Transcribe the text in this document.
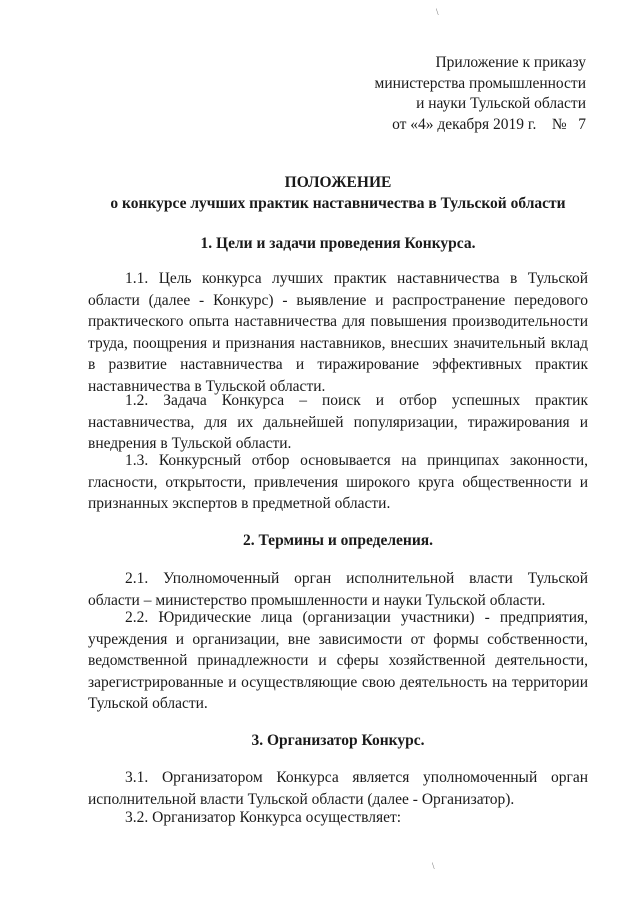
\
\
Приложение к приказу
министерства промышленности
и науки Тульской области
от «4» декабря 2019 г. № 7
ПОЛОЖЕНИЕ
о конкурсе лучших практик наставничества в Тульской области
1. Цели и задачи проведения Конкурса.

1.1. Цель конкурса лучших практик наставничества в Тульской области (далее - Конкурс) - выявление и распространение передового практического опыта наставничества для повышения производительности труда, поощрения и признания наставников, внесших значительный вклад в развитие наставничества и тиражирование эффективных практик наставничества в Тульской области.

1.2. Задача Конкурса – поиск и отбор успешных практик наставничества, для их дальнейшей популяризации, тиражирования и внедрения в Тульской области.

1.3. Конкурсный отбор основывается на принципах законности, гласности, открытости, привлечения широкого круга общественности и признанных экспертов в предметной области.

2. Термины и определения.

2.1. Уполномоченный орган исполнительной власти Тульской области – министерство промышленности и науки Тульской области.

2.2. Юридические лица (организации участники) - предприятия, учреждения и организации, вне зависимости от формы собственности, ведомственной принадлежности и сферы хозяйственной деятельности, зарегистрированные и осуществляющие свою деятельность на территории Тульской области.

3. Организатор Конкурс.

3.1. Организатором Конкурса является уполномоченный орган исполнительной власти Тульской области (далее - Организатор).

3.2. Организатор Конкурса осуществляет:
